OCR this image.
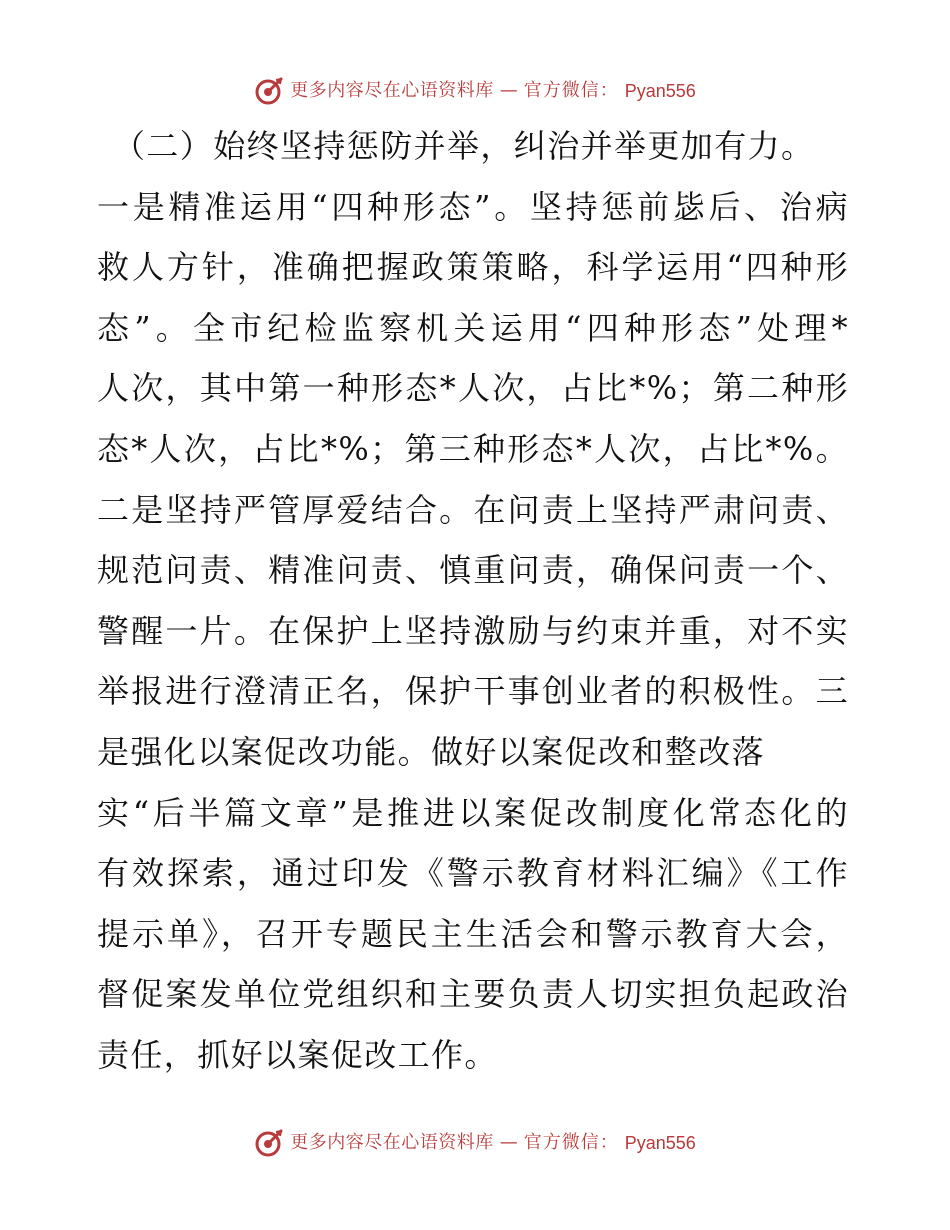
更多内容尽在心语资料库 — 官方微信： Pyan556
（二）始终坚持惩防并举，纠治并举更加有力。
一是精准运用“四种形态”。坚持惩前毖后、治病
救人方针，准确把握政策策略，科学运用“四种形
态”。全市纪检监察机关运用“四种形态”处理*
人次，其中第一种形态*人次，占比*%；第二种形
态*人次，占比*%；第三种形态*人次，占比*%。
二是坚持严管厚爱结合。在问责上坚持严肃问责、
规范问责、精准问责、慎重问责，确保问责一个、
警醒一片。在保护上坚持激励与约束并重，对不实
举报进行澄清正名，保护干事创业者的积极性。三
是强化以案促改功能。做好以案促改和整改落
实“后半篇文章”是推进以案促改制度化常态化的
有效探索，通过印发《警示教育材料汇编》《工作
提示单》，召开专题民主生活会和警示教育大会，
督促案发单位党组织和主要负责人切实担负起政治
责任，抓好以案促改工作。
更多内容尽在心语资料库 — 官方微信： Pyan556
